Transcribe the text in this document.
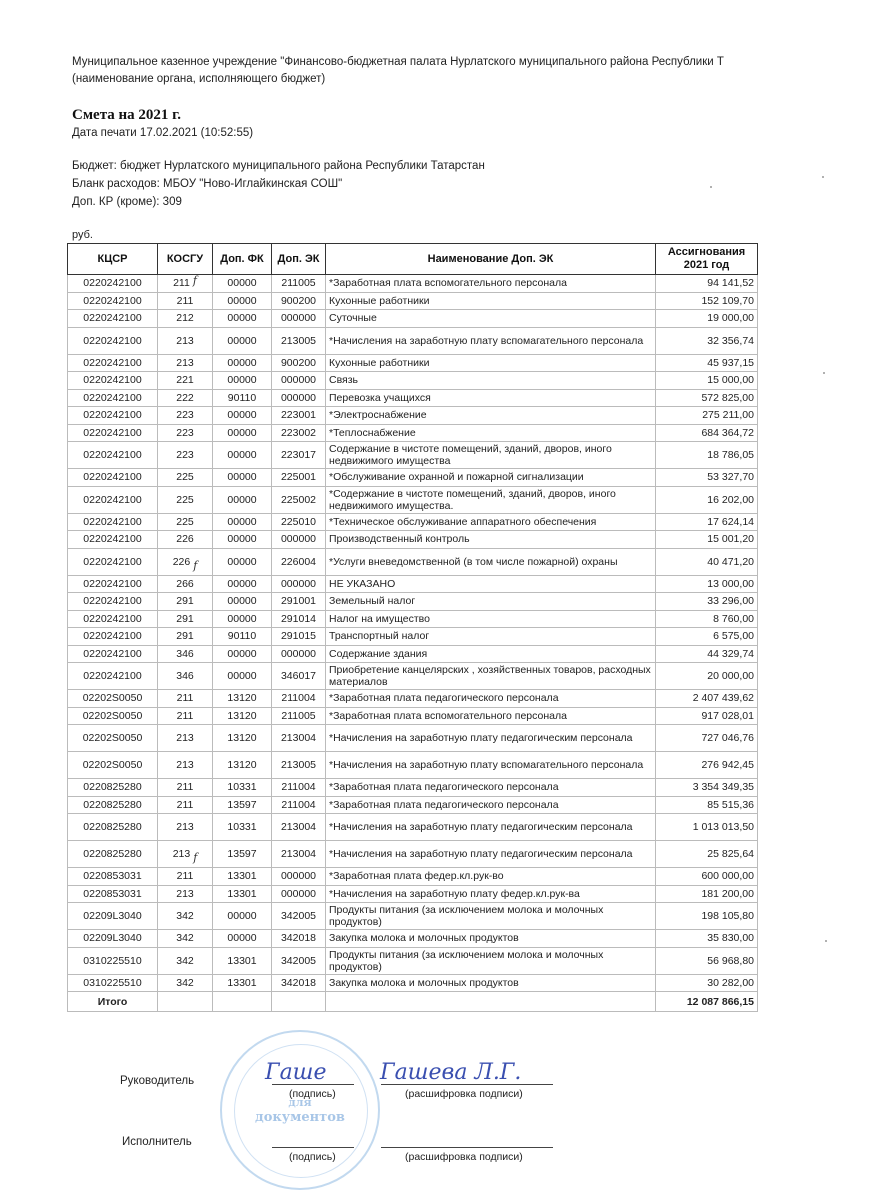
Муниципальное казенное учреждение "Финансово-бюджетная палата Нурлатского муниципального района Республики Т
(наименование органа, исполняющего бюджет)
Смета на 2021 г.
Дата печати 17.02.2021 (10:52:55)
Бюджет: бюджет Нурлатского муниципального района Республики Татарстан
Бланк расходов: МБОУ "Ново-Иглайкинская СОШ"
Доп. КР (кроме): 309
руб.
КЦСР	КОСГУ	Доп. ФК	Доп. ЭК	Наименование Доп. ЭК	Ассигнования 2021 год
0220242100	211 f	00000	211005	*Заработная плата вспомогательного персонала	94 141,52
0220242100	211	00000	900200	Кухонные работники	152 109,70
0220242100	212	00000	000000	Суточные	19 000,00
0220242100	213	00000	213005	*Начисления на заработную плату вспомагательного персонала	32 356,74
0220242100	213	00000	900200	Кухонные работники	45 937,15
0220242100	221	00000	000000	Связь	15 000,00
0220242100	222	90110	000000	Перевозка учащихся	572 825,00
0220242100	223	00000	223001	*Электроснабжение	275 211,00
0220242100	223	00000	223002	*Теплоснабжение	684 364,72
0220242100	223	00000	223017	Содержание в чистоте помещений, зданий, дворов, иного недвижимого имущества	18 786,05
0220242100	225	00000	225001	*Обслуживание охранной и пожарной сигнализации	53 327,70
0220242100	225	00000	225002	*Содержание в чистоте помещений, зданий, дворов, иного недвижимого имущества.	16 202,00
0220242100	225	00000	225010	*Техническое обслуживание аппаратного обеспечения	17 624,14
0220242100	226	00000	000000	Производственный контроль	15 001,20
0220242100	226 f	00000	226004	*Услуги вневедомственной (в том числе пожарной) охраны	40 471,20
0220242100	266	00000	000000	НЕ УКАЗАНО	13 000,00
0220242100	291	00000	291001	Земельный налог	33 296,00
0220242100	291	00000	291014	Налог на имущество	8 760,00
0220242100	291	90110	291015	Транспортный налог	6 575,00
0220242100	346	00000	000000	Содержание здания	44 329,74
0220242100	346	00000	346017	Приобретение канцелярских , хозяйственных товаров, расходных материалов	20 000,00
02202S0050	211	13120	211004	*Заработная плата педагогического персонала	2 407 439,62
02202S0050	211	13120	211005	*Заработная плата вспомогательного персонала	917 028,01
02202S0050	213	13120	213004	*Начисления на заработную плату педагогическим персонала	727 046,76
02202S0050	213	13120	213005	*Начисления на заработную плату вспомагательного персонала	276 942,45
0220825280	211	10331	211004	*Заработная плата педагогического персонала	3 354 349,35
0220825280	211	13597	211004	*Заработная плата педагогического персонала	85 515,36
0220825280	213	10331	213004	*Начисления на заработную плату педагогическим персонала	1 013 013,50
0220825280	213 f	13597	213004	*Начисления на заработную плату педагогическим персонала	25 825,64
0220853031	211	13301	000000	*Заработная плата федер.кл.рук-во	600 000,00
0220853031	213	13301	000000	*Начисления на заработную плату федер.кл.рук-ва	181 200,00
02209L3040	342	00000	342005	Продукты питания (за исключением молока и молочных продуктов)	198 105,80
02209L3040	342	00000	342018	Закупка молока и молочных продуктов	35 830,00
0310225510	342	13301	342005	Продукты питания (за исключением молока и молочных продуктов)	56 968,80
0310225510	342	13301	342018	Закупка молока и молочных продуктов	30 282,00
Итого					12 087 866,15
для
документов
Руководитель	Гаше
(подпись)
Гашева Л.Г.
(расшифровка подписи)
Исполнитель
(подпись)	(расшифровка подписи)
